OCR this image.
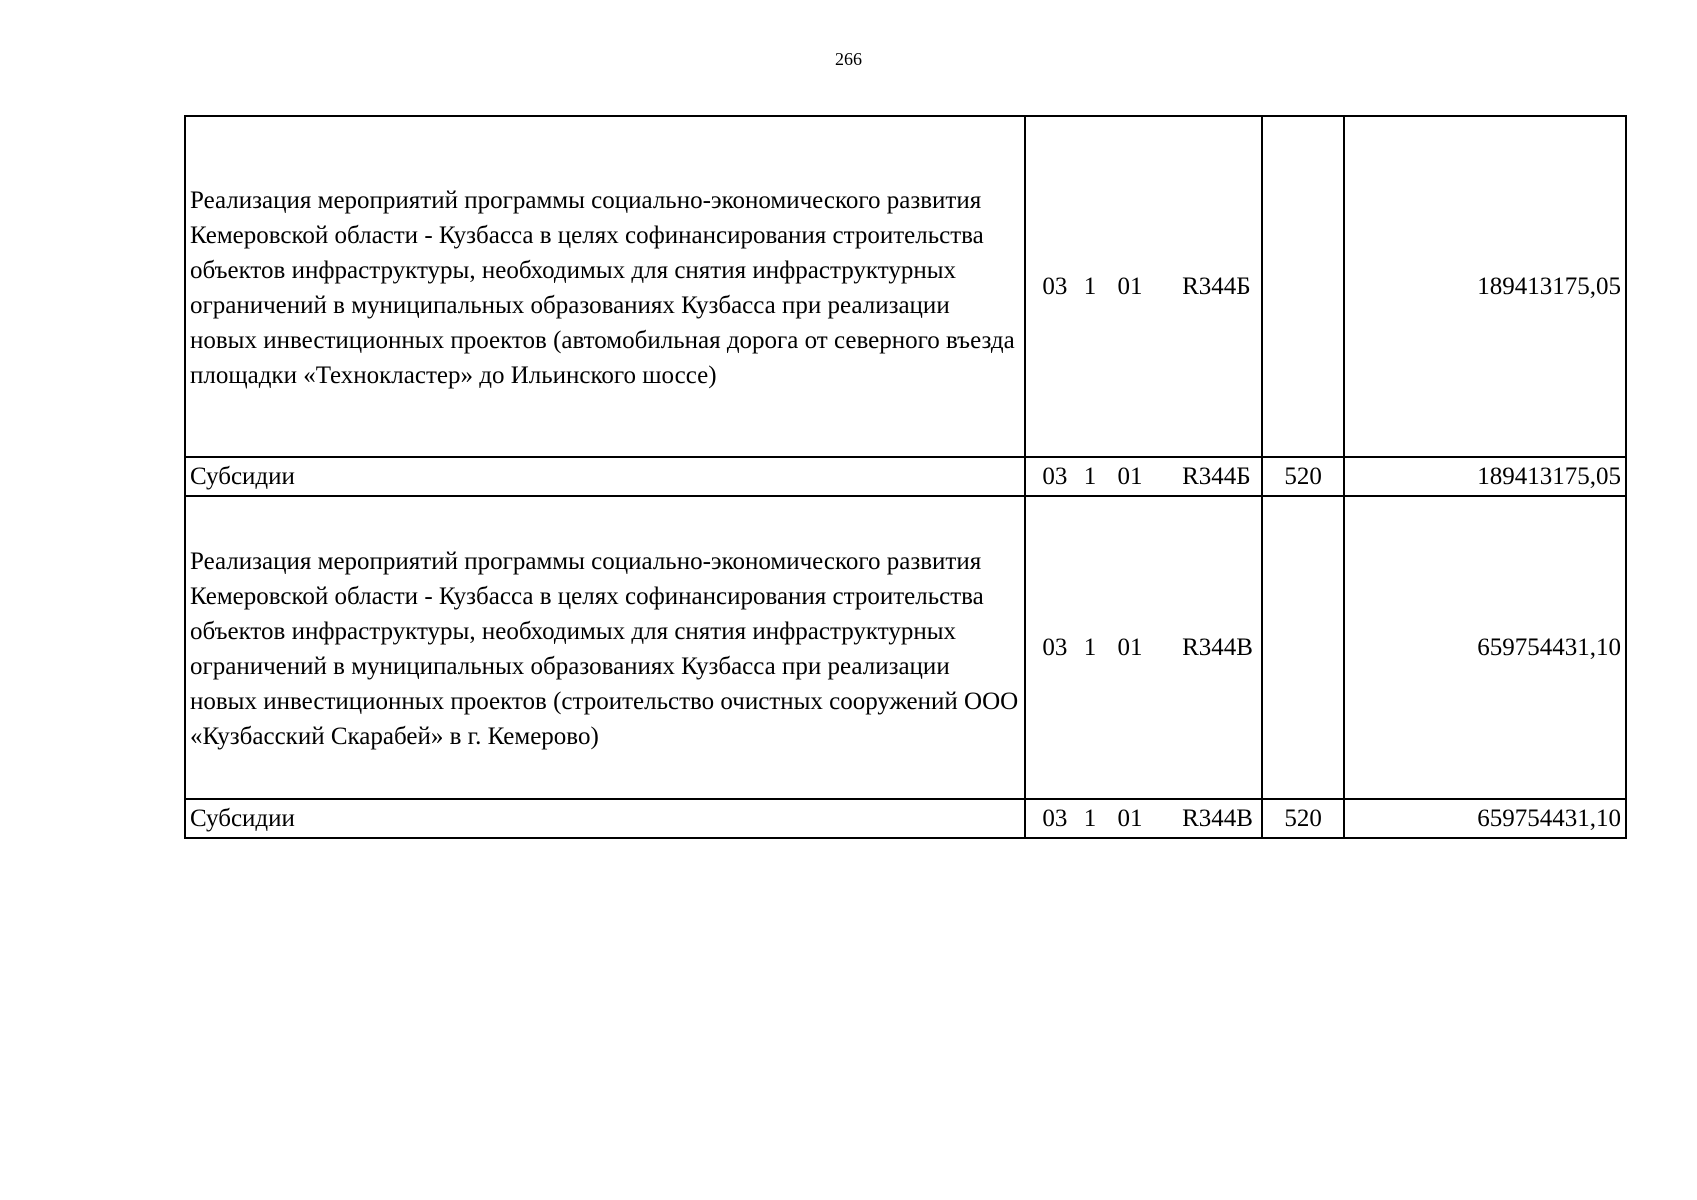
266
Реализация мероприятий программы социально-экономического развития Кемеровской области - Кузбасса в целях софинансирования строительства объектов инфраструктуры, необходимых для снятия инфраструктурных ограничений в муниципальных образованиях Кузбасса при реализации новых инвестиционных проектов (автомобильная дорога от северного въезда площадки «Технокластер» до Ильинского шоссе)	03	1	01	R344Б		189413175,05
Субсидии	03	1	01	R344Б	520	189413175,05
Реализация мероприятий программы социально-экономического развития Кемеровской области - Кузбасса в целях софинансирования строительства объектов инфраструктуры, необходимых для снятия инфраструктурных ограничений в муниципальных образованиях Кузбасса при реализации новых инвестиционных проектов (строительство очистных сооружений ООО «Кузбасский Скарабей» в г. Кемерово)	03	1	01	R344В		659754431,10
Субсидии	03	1	01	R344В	520	659754431,10
